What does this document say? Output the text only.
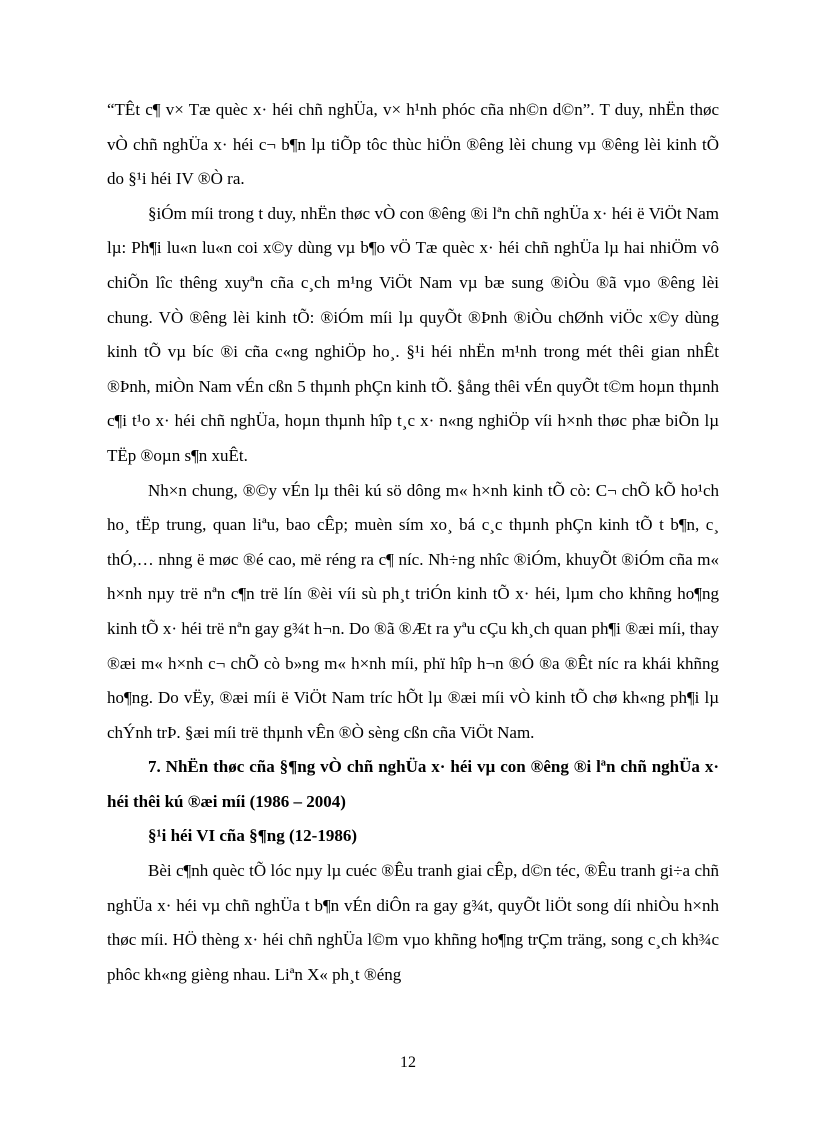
“TÊt c¶ v× Tæ quèc x· héi chñ nghÜa, v× h¹nh phóc cña nh©n d©n”. T duy, nhËn thøc vÒ chñ nghÜa x· héi c¬ b¶n lµ tiÕp tôc thùc hiÖn ®êng lèi chung vµ ®êng lèi kinh tÕ do §¹i héi IV ®Ò ra.

§iÓm míi trong t duy, nhËn thøc vÒ con ®êng ®i lªn chñ nghÜa x· héi ë ViÖt Nam lµ: Ph¶i lu«n lu«n coi x©y dùng vµ b¶o vÖ Tæ quèc x· héi chñ nghÜa lµ hai nhiÖm vô chiÕn lîc thêng xuyªn cña c¸ch m¹ng ViÖt Nam vµ bæ sung ®iÒu ®ã vµo ®êng lèi chung. VÒ ®êng lèi kinh tÕ: ®iÓm míi lµ quyÕt ®Þnh ®iÒu chØnh viÖc x©y dùng kinh tÕ vµ bíc ®i cña c«ng nghiÖp ho¸. §¹i héi nhËn m¹nh trong mét thêi gian nhÊt ®Þnh, miÒn Nam vÉn cßn 5 thµnh phÇn kinh tÕ. §ång thêi vÉn quyÕt t©m hoµn thµnh c¶i t¹o x· héi chñ nghÜa, hoµn thµnh hîp t¸c x· n«ng nghiÖp víi h×nh thøc phæ biÕn lµ TËp ®oµn s¶n xuÊt.

Nh×n chung, ®©y vÉn lµ thêi kú sö dông m« h×nh kinh tÕ cò: C¬ chÕ kÕ ho¹ch ho¸ tËp trung, quan liªu, bao cÊp; muèn sím xo¸ bá c¸c thµnh phÇn kinh tÕ t b¶n, c¸ thÓ,… nhng ë møc ®é cao, më réng ra c¶ níc. Nh÷ng nhîc ®iÓm, khuyÕt ®iÓm cña m« h×nh nµy trë nªn c¶n trë lín ®èi víi sù ph¸t triÓn kinh tÕ x· héi, lµm cho khñng ho¶ng kinh tÕ x· héi trë nªn gay g¾t h¬n. Do ®ã ®Æt ra yªu cÇu kh¸ch quan ph¶i ®æi míi, thay ®æi m« h×nh c¬ chÕ cò b»ng m« h×nh míi, phï hîp h¬n ®Ó ®a ®Êt níc ra khái khñng ho¶ng. Do vËy, ®æi míi ë ViÖt Nam tríc hÕt lµ ®æi míi vÒ kinh tÕ chø kh«ng ph¶i lµ chÝnh trÞ. §æi míi trë thµnh vÊn ®Ò sèng cßn cña ViÖt Nam.

7. NhËn thøc cña §¶ng vÒ chñ nghÜa x· héi vµ con ®êng ®i lªn chñ nghÜa x· héi thêi kú ®æi míi (1986 – 2004)

§¹i héi VI cña §¶ng (12-1986)

Bèi c¶nh quèc tÕ lóc nµy lµ cuéc ®Êu tranh giai cÊp, d©n téc, ®Êu tranh gi÷a chñ nghÜa x· héi vµ chñ nghÜa t b¶n vÉn diÔn ra gay g¾t, quyÕt liÖt song díi nhiÒu h×nh thøc míi. HÖ thèng x· héi chñ nghÜa l©m vµo khñng ho¶ng trÇm träng, song c¸ch kh¾c phôc kh«ng gièng nhau. Liªn X« ph¸t ®éng

12
